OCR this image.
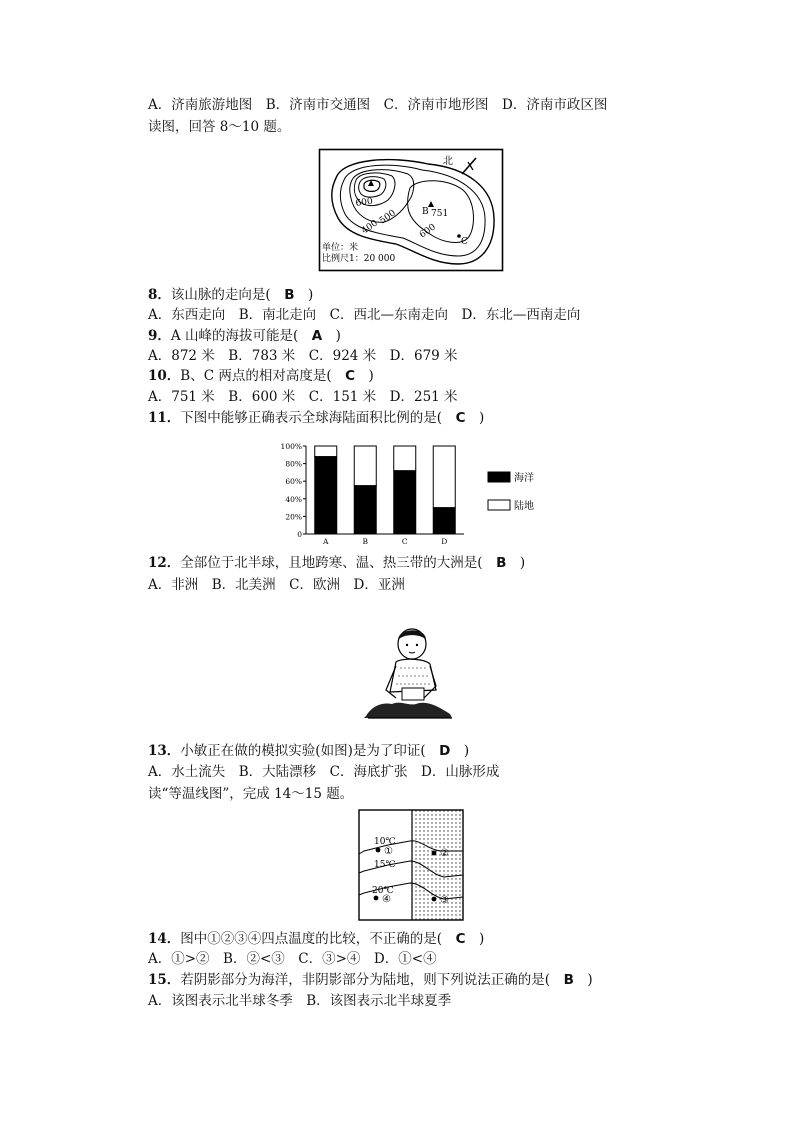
A．济南旅游地图　B．济南市交通图　C．济南市地形图　D．济南市政区图
读图，回答 8～10 题。
北
600
500
400	600
B 751
C
单位：米
比例尺1：20 000
8．该山脉的走向是(　B　)
A．东西走向　B．南北走向　C．西北—东南走向　D．东北—西南走向
9．A 山峰的海拔可能是(　A　)
A．872 米　B．783 米　C．924 米　D．679 米
10．B、C 两点的相对高度是(　C　)
A．751 米　B．600 米　C．151 米　D．251 米
11．下图中能够正确表示全球海陆面积比例的是(　C　)
0
20%
40%
60%
80%
100%
A	B	C	D
海洋
陆地
12．全部位于北半球，且地跨寒、温、热三带的大洲是(　B　)
A．非洲　B．北美洲　C．欧洲　D．亚洲
13．小敏正在做的模拟实验(如图)是为了印证(　D　)
A．水土流失　B．大陆漂移　C．海底扩张　D．山脉形成
读“等温线图”，完成 14～15 题。
10℃
15℃
20℃
①	②
③
④
14．图中①②③④四点温度的比较，不正确的是(　C　)
A．①>②　B．②<③　C．③>④　D．①<④
15．若阴影部分为海洋，非阴影部分为陆地，则下列说法正确的是(　B　)
A．该图表示北半球冬季　B．该图表示北半球夏季
